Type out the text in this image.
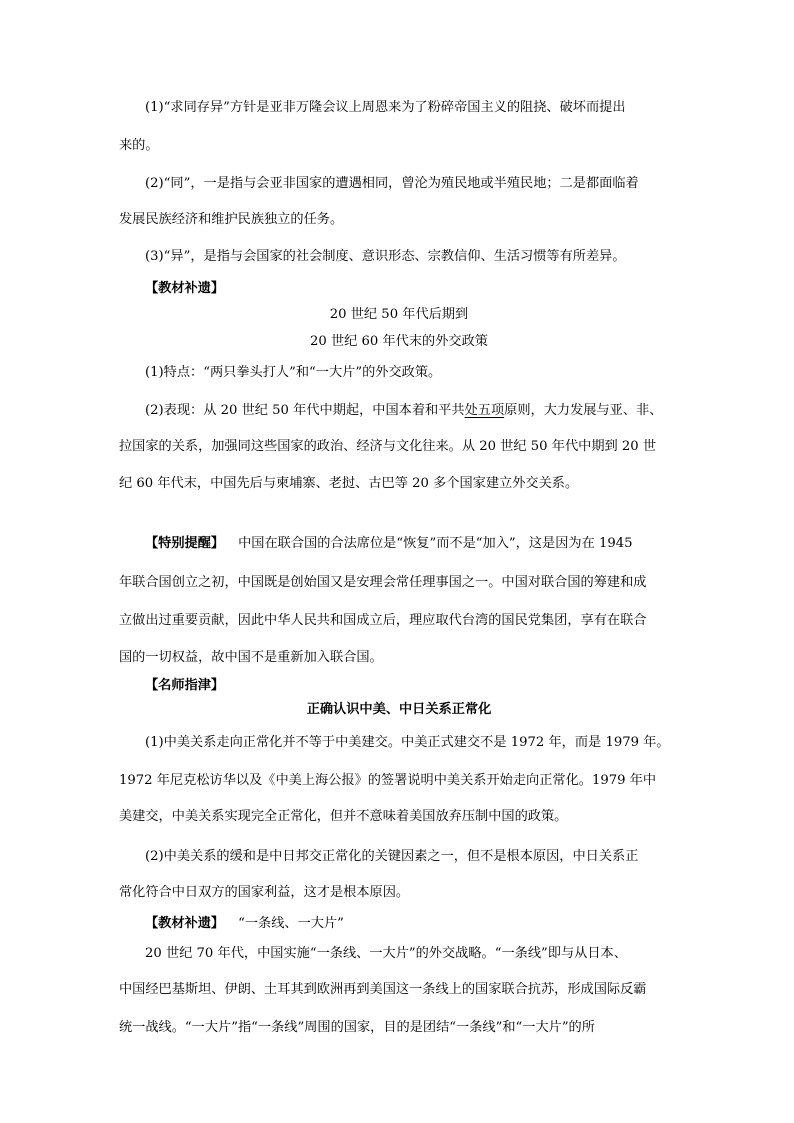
(1)“求同存异”方针是亚非万隆会议上周恩来为了粉碎帝国主义的阻挠、破坏而提出
来的。
(2)“同”，一是指与会亚非国家的遭遇相同，曾沦为殖民地或半殖民地；二是都面临着
发展民族经济和维护民族独立的任务。
(3)“异”，是指与会国家的社会制度、意识形态、宗教信仰、生活习惯等有所差异。
【教材补遗】
20 世纪 50 年代后期到
20 世纪 60 年代末的外交政策
(1)特点：“两只拳头打人”和“一大片”的外交政策。
(2)表现：从 20 世纪 50 年代中期起，中国本着和平共处五项原则，大力发展与亚、非、
拉国家的关系，加强同这些国家的政治、经济与文化往来。从 20 世纪 50 年代中期到 20 世
纪 60 年代末，中国先后与柬埔寨、老挝、古巴等 20 多个国家建立外交关系。
【特别提醒】 中国在联合国的合法席位是“恢复”而不是“加入”，这是因为在 1945
年联合国创立之初，中国既是创始国又是安理会常任理事国之一。中国对联合国的筹建和成
立做出过重要贡献，因此中华人民共和国成立后，理应取代台湾的国民党集团，享有在联合
国的一切权益，故中国不是重新加入联合国。
【名师指津】
正确认识中美、中日关系正常化
(1)中美关系走向正常化并不等于中美建交。中美正式建交不是 1972 年，而是 1979 年。
1972 年尼克松访华以及《中美上海公报》的签署说明中美关系开始走向正常化。1979 年中
美建交，中美关系实现完全正常化，但并不意味着美国放弃压制中国的政策。
(2)中美关系的缓和是中日邦交正常化的关键因素之一，但不是根本原因，中日关系正
常化符合中日双方的国家利益，这才是根本原因。
【教材补遗】 “一条线、一大片”
20 世纪 70 年代，中国实施“一条线、一大片”的外交战略。“一条线”即与从日本、
中国经巴基斯坦、伊朗、土耳其到欧洲再到美国这一条线上的国家联合抗苏，形成国际反霸
统一战线。“一大片”指“一条线”周围的国家，目的是团结“一条线”和“一大片”的所
